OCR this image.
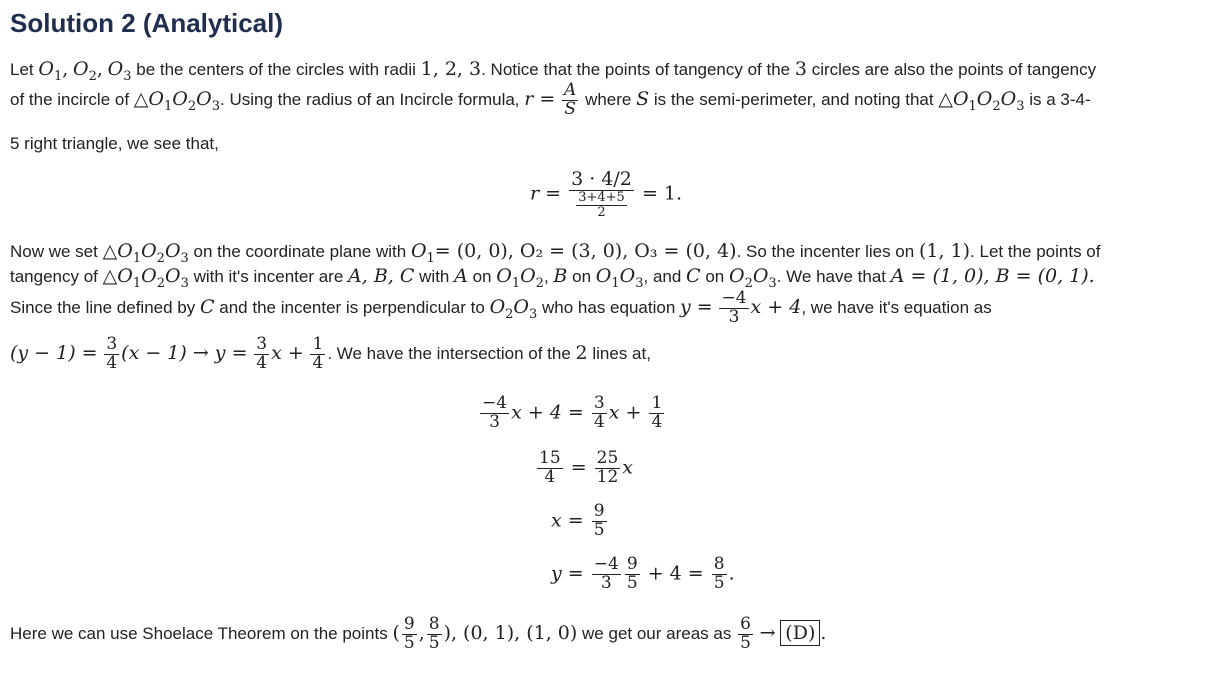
Solution 2 (Analytical)
Let $O_1$, $O_2$, $O_3$ be the centers of the circles with radii 1, 2, 3. Notice that the points of tangency of the 3 circles are also the points of tangency
of the incircle of $\triangle O_1O_2O_3$. Using the radius of an Incircle formula, $r = \frac{A}{S}$ where S is the semi-perimeter, and noting that $\triangle O_1O_2O_3$ is a 3-4-
5 right triangle, we see that,
$r = \frac{3 \cdot 4/2}{\frac{3+4+5}{2}} = 1$.
Now we set $\triangle O_1O_2O_3$ on the coordinate plane with $O_1= (0$, 0), O₂ = (3, 0), O₃ = (0, 4). So the incenter lies on (1, 1). Let the points of
tangency of $\triangle O_1O_2O_3$ with it's incenter are A, B, C with A on $O_1O_2$, B on $O_1O_3$, and C on $O_2O_3$. We have that A = (1, 0), B = (0, 1).
Since the line defined by C and the incenter is perpendicular to $O_2O_3$ who has equation $y = \frac{-4}{3}$ x + 4, we have it's equation as
$(y - 1) = \frac{3}{4} (x - 1) \to y = \frac{3}{4}$ $x + \frac{1}{4}$ . We have the intersection of the 2 lines at,
$\frac{-4}{3}$ $x + 4 = \frac{3}{4}$ $x + \frac{1}{4}$
$\frac{15}{4} = \frac{25}{12}$ x
$x = \frac{9}{5}$
$y = \frac{-4}{3} \frac{9}{5} + 4 = \frac{8}{5}$ .
Here we can use Shoelace Theorem on the points ( $\frac{9}{5}$ , $\frac{8}{5}$ ), (0, 1), (1, 0) we get our areas as $\frac{6}{5} \to (D)$ .
